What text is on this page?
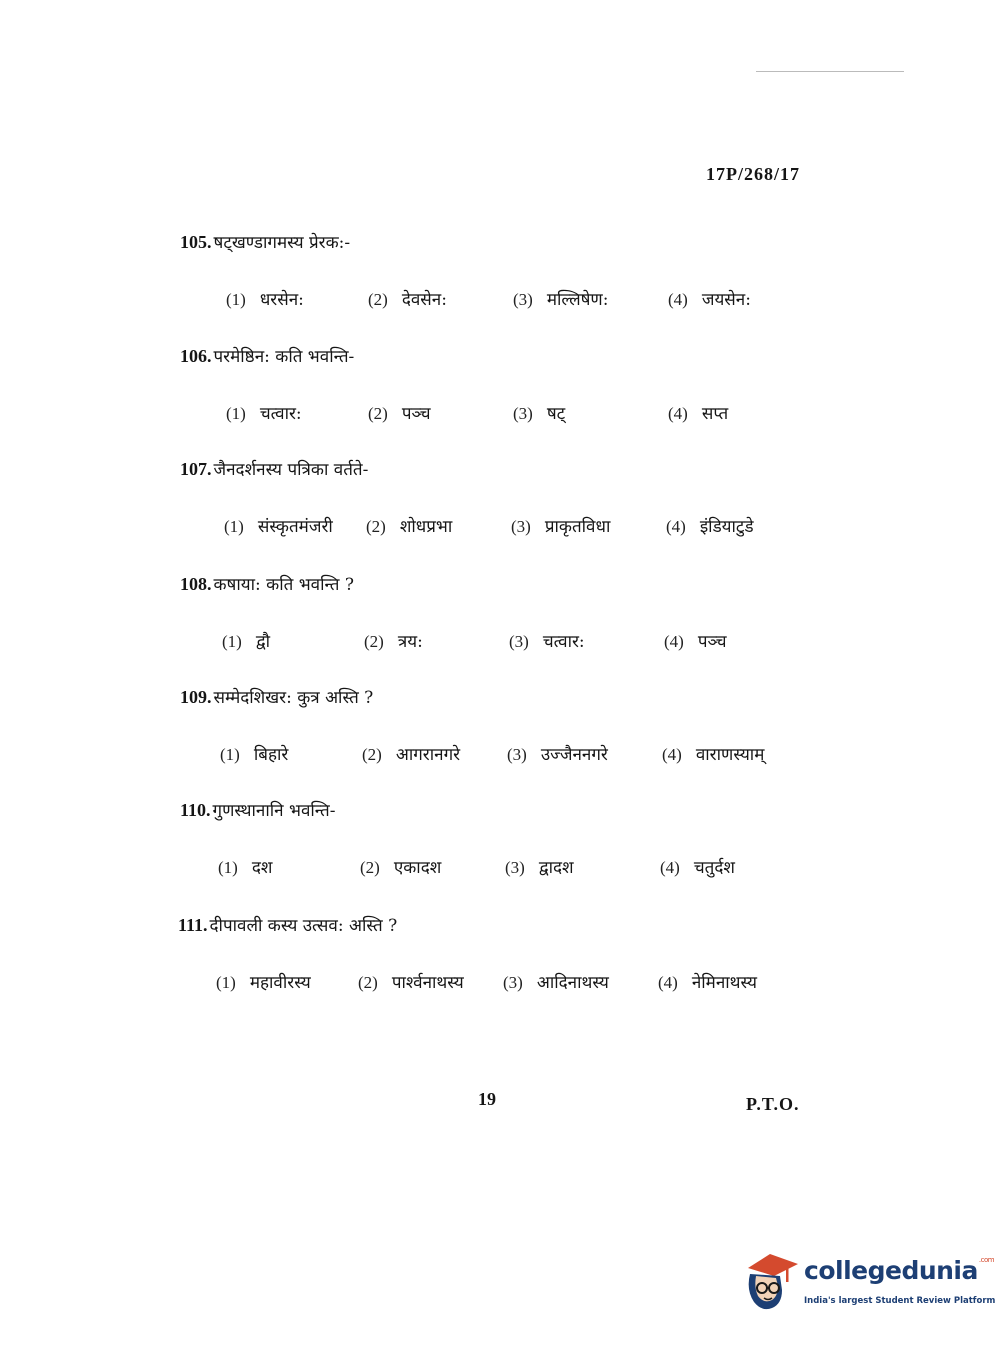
17P/268/17
105. षट्खण्डागमस्य प्रेरक:-
(1) धरसेन:	(2) देवसेन:	(3) मल्लिषेण:	(4) जयसेन:
106. परमेष्ठिन: कति भवन्ति-
(1) चत्वार:	(2) पञ्च	(3) षट्	(4) सप्त
107. जैनदर्शनस्य पत्रिका वर्तते-
(1) संस्कृतमंजरी (2) शोधप्रभा	(3) प्राकृतविधा	(4) इंडियाटुडे
108. कषाया: कति भवन्ति ?
(1) द्वौ	(2) त्रय:	(3) चत्वार:	(4) पञ्च
109. सम्मेदशिखर: कुत्र अस्ति ?
(1) बिहारे	(2) आगरानगरे	(3) उज्जैननगरे	(4) वाराणस्याम्
110. गुणस्थानानि भवन्ति-
(1) दश	(2) एकादश	(3) द्वादश	(4) चतुर्दश
111. दीपावली कस्य उत्सव: अस्ति ?
(1) महावीरस्य	(2) पार्श्वनाथस्य (3) आदिनाथस्य	(4) नेमिनाथस्य
19	P.T.O.
collegedunia$^{.com}$
India's largest Student Review Platform
